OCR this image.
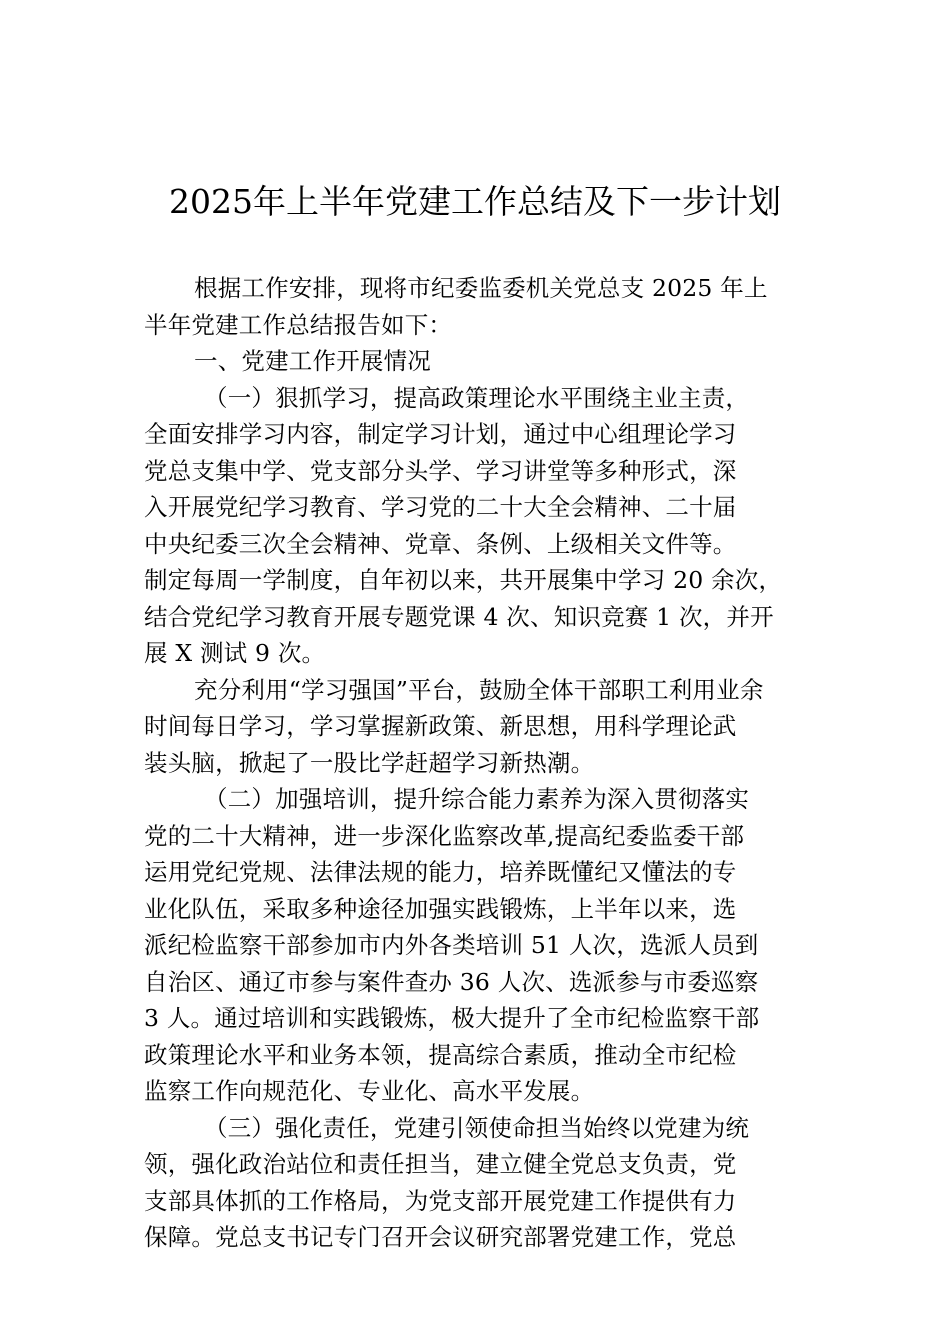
2025年上半年党建工作总结及下一步计划
根据工作安排，现将市纪委监委机关党总支 2025 年上
半年党建工作总结报告如下：
一、党建工作开展情况
（一）狠抓学习，提高政策理论水平围绕主业主责，
全面安排学习内容，制定学习计划，通过中心组理论学习
党总支集中学、党支部分头学、学习讲堂等多种形式，深
入开展党纪学习教育、学习党的二十大全会精神、二十届
中央纪委三次全会精神、党章、条例、上级相关文件等。
制定每周一学制度，自年初以来，共开展集中学习 20 余次，
结合党纪学习教育开展专题党课 4 次、知识竞赛 1 次，并开
展 X 测试 9 次。
充分利用“学习强国”平台，鼓励全体干部职工利用业余
时间每日学习，学习掌握新政策、新思想，用科学理论武
装头脑，掀起了一股比学赶超学习新热潮。
（二）加强培训，提升综合能力素养为深入贯彻落实
党的二十大精神，进一步深化监察改革,提高纪委监委干部
运用党纪党规、法律法规的能力，培养既懂纪又懂法的专
业化队伍，采取多种途径加强实践锻炼，上半年以来，选
派纪检监察干部参加市内外各类培训 51 人次，选派人员到
自治区、通辽市参与案件查办 36 人次、选派参与市委巡察
3 人。通过培训和实践锻炼，极大提升了全市纪检监察干部
政策理论水平和业务本领，提高综合素质，推动全市纪检
监察工作向规范化、专业化、高水平发展。
（三）强化责任，党建引领使命担当始终以党建为统
领，强化政治站位和责任担当，建立健全党总支负责，党
支部具体抓的工作格局，为党支部开展党建工作提供有力
保障。党总支书记专门召开会议研究部署党建工作，党总
